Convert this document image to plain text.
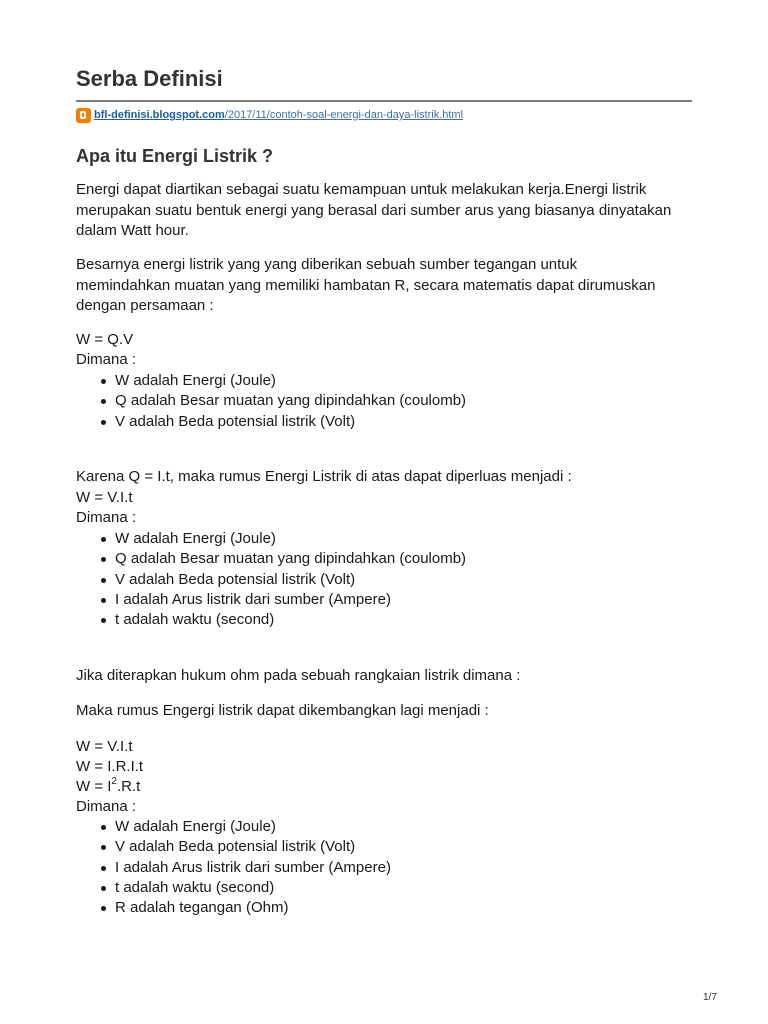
Serba Definisi
bfl-definisi.blogspot.com /2017/11/contoh-soal-energi-dan-daya-listrik.html
Apa itu Energi Listrik ?
Energi dapat diartikan sebagai suatu kemampuan untuk melakukan kerja.Energi listrik
merupakan suatu bentuk energi yang berasal dari sumber arus yang biasanya dinyatakan
dalam Watt hour.
Besarnya energi listrik yang yang diberikan sebuah sumber tegangan untuk
memindahkan muatan yang memiliki hambatan R, secara matematis dapat dirumuskan
dengan persamaan :
W = Q.V
Dimana :
W adalah Energi (Joule)
Q adalah Besar muatan yang dipindahkan (coulomb)
V adalah Beda potensial listrik (Volt)
Karena Q = I.t, maka rumus Energi Listrik di atas dapat diperluas menjadi :
W = V.I.t
Dimana :
W adalah Energi (Joule)
Q adalah Besar muatan yang dipindahkan (coulomb)
V adalah Beda potensial listrik (Volt)
I adalah Arus listrik dari sumber (Ampere)
t adalah waktu (second)
Jika diterapkan hukum ohm pada sebuah rangkaian listrik dimana :
Maka rumus Engergi listrik dapat dikembangkan lagi menjadi :
W = V.I.t
W = I.R.I.t
$W = I^2.R.t$
Dimana :
W adalah Energi (Joule)
V adalah Beda potensial listrik (Volt)
I adalah Arus listrik dari sumber (Ampere)
t adalah waktu (second)
R adalah tegangan (Ohm)
1/7
